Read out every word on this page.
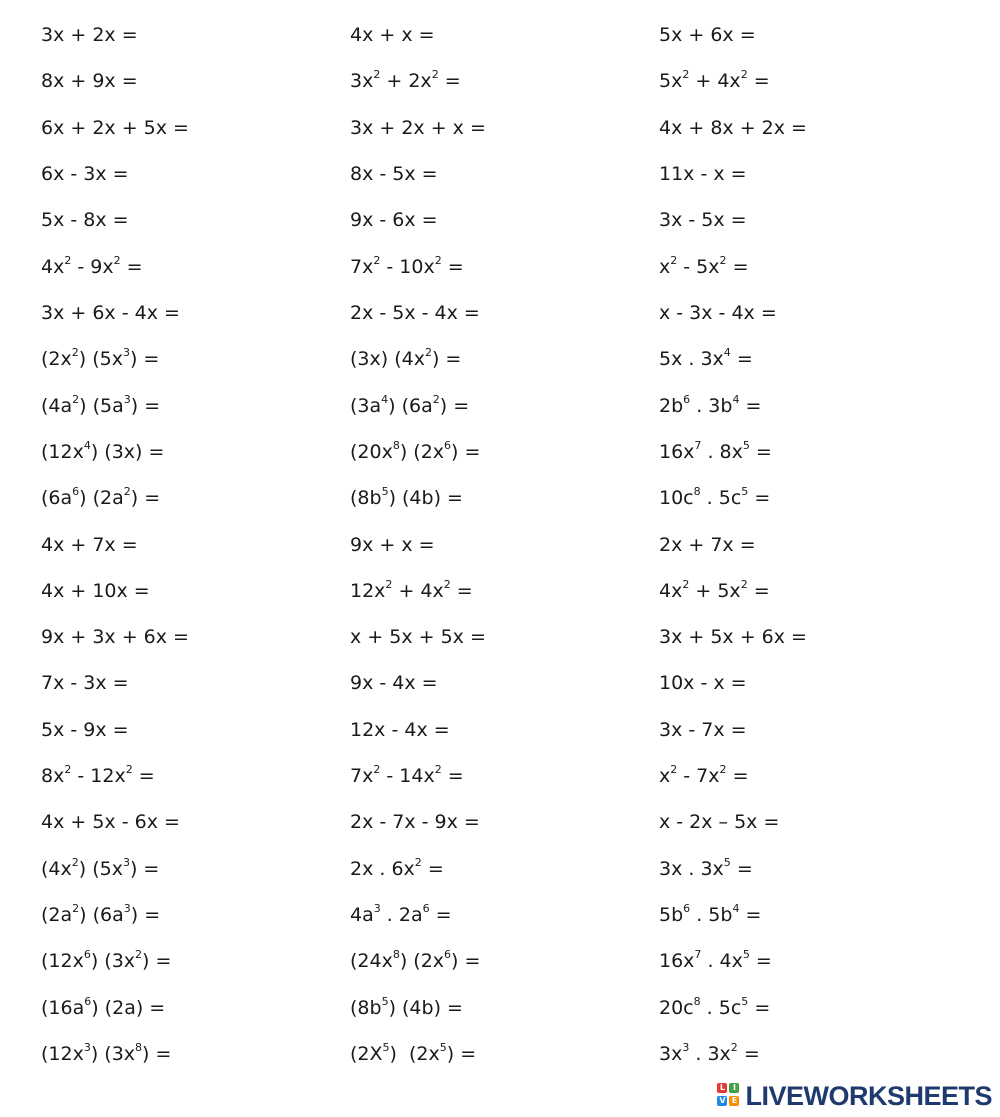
3x + 2x =	4x + x =	5x + 6x =
8x + 9x =	$3x^2 + 2x^2$ =	$5x^2 + 4x^2$ =
6x + 2x + 5x =	3x + 2x + x =	4x + 8x + 2x =
6x - 3x =	8x - 5x =	11x - x =
5x - 8x =	9x - 6x =	3x - 5x =
$4x^2 - 9x^2$ =	$7x^2 - 10x^2$ =	$x^2 - 5x^2$ =
3x + 6x - 4x =	2x - 5x - 4x =	x - 3x - 4x =
$(2x^2) (5x^3)$ =	(3x) $(4x^2)$ =	5x . $3x^4$ =
$(4a^2) (5a^3)$ =	$(3a^4) (6a^2)$ =	$2b^6$ . $3b^4$ =
$(12x^4) (3x)$ =	$(20x^8) (2x^6)$ =	$16x^7$ . $8x^5$ =
$(6a^6) (2a^2)$ =	$(8b^5) (4b)$ =	$10c^8$ . $5c^5$ =
4x + 7x =	9x + x =	2x + 7x =
4x + 10x =	$12x^2 + 4x^2$ =	$4x^2 + 5x^2$ =
9x + 3x + 6x =	x + 5x + 5x =	3x + 5x + 6x =
7x - 3x =	9x - 4x =	10x - x =
5x - 9x =	12x - 4x =	3x - 7x =
$8x^2 - 12x^2$ =	$7x^2 - 14x^2$ =	$x^2 - 7x^2$ =
4x + 5x - 6x =	2x - 7x - 9x =	x - 2x – 5x =
$(4x^2) (5x^3)$ =	2x . $6x^2$ =	3x . $3x^5$ =
$(2a^2) (6a^3)$ =	$4a^3$ . $2a^6$ =	$5b^6$ . $5b^4$ =
$(12x^6) (3x^2)$ =	$(24x^8) (2x^6)$ =	$16x^7$ . $4x^5$ =
$(16a^6) (2a)$ =	$(8b^5) (4b)$ =	$20c^8$ . $5c^5$ =
$(12x^3) (3x^8)$ =	$(2X^5) (2x^5)$ =	$3x^3$ . $3x^2$ =
L I
V E LIVEWORKSHEETS
